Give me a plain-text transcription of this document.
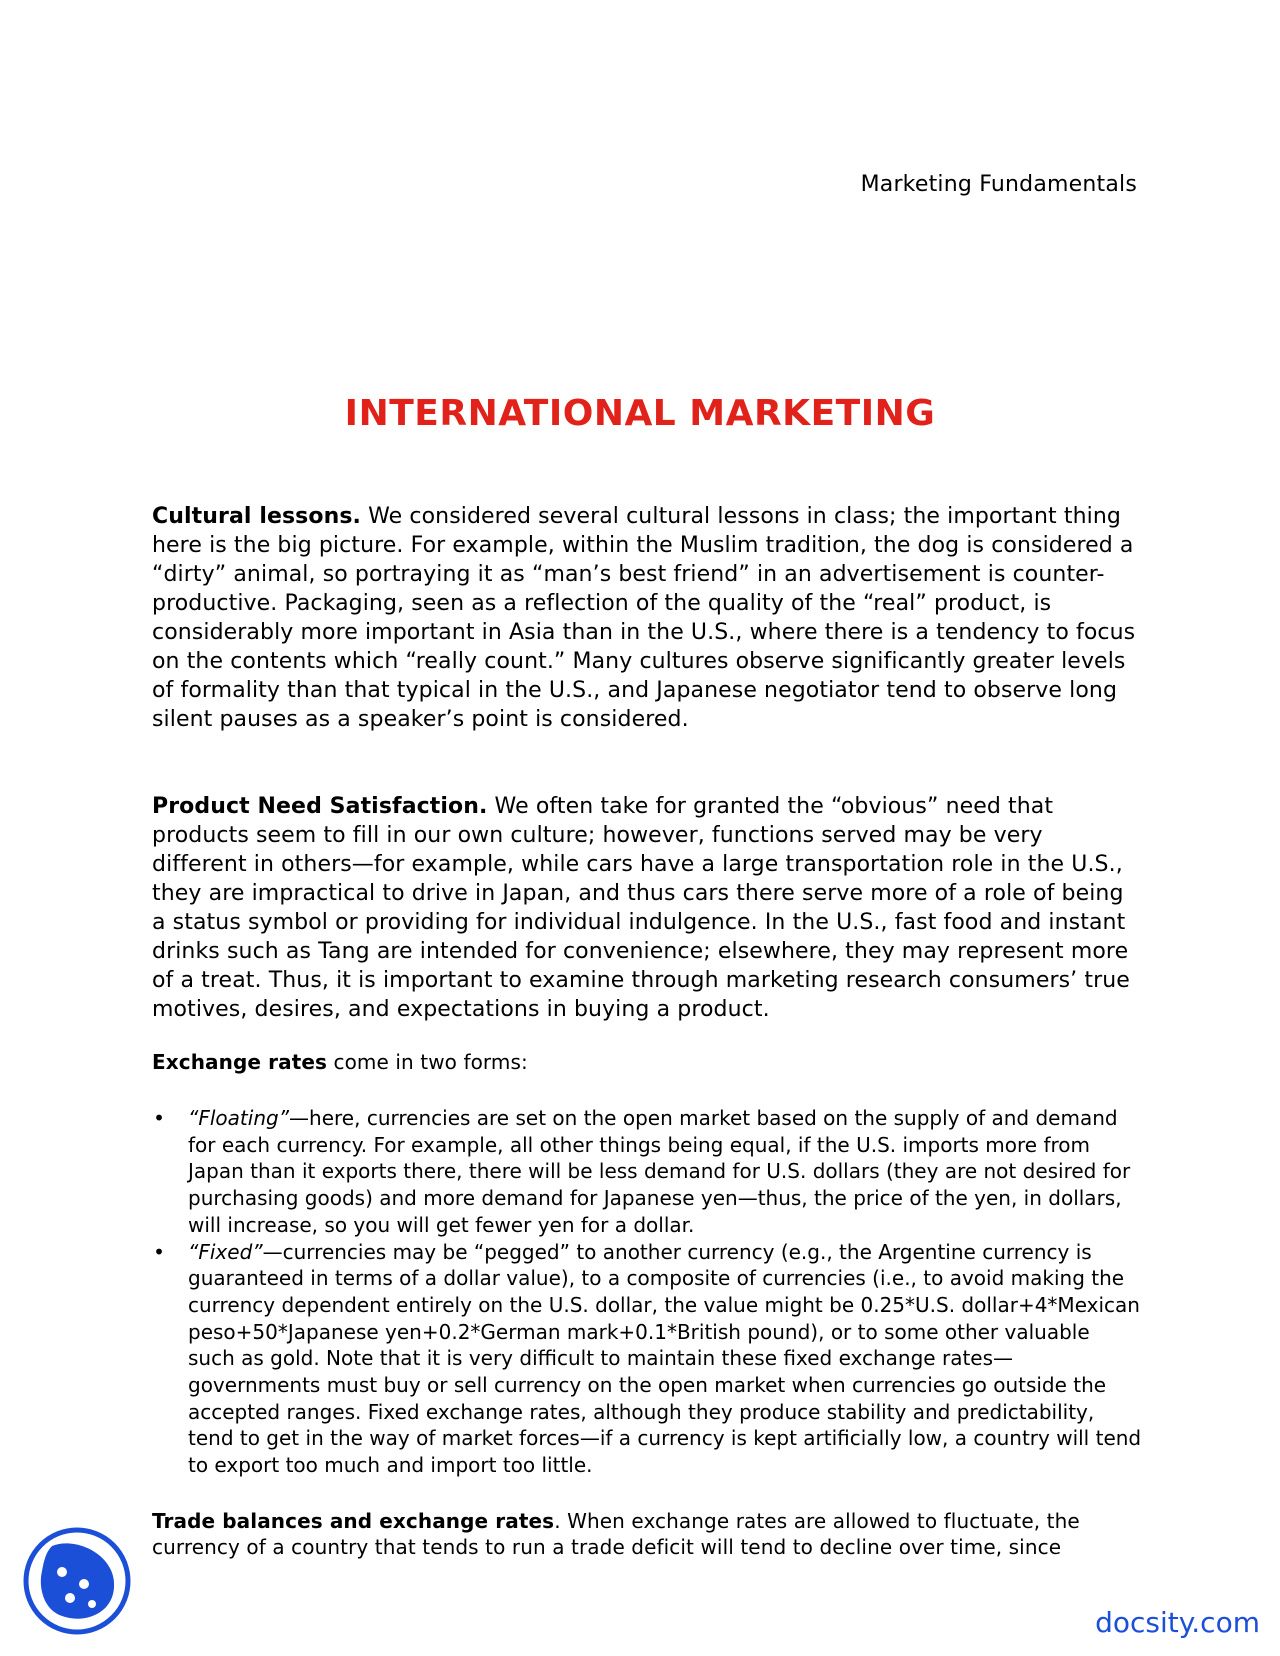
Marketing Fundamentals
INTERNATIONAL MARKETING

Cultural lessons. We considered several cultural lessons in class; the important thing here is the big picture. For example, within the Muslim tradition, the dog is considered a “dirty” animal, so portraying it as “man’s best friend” in an advertisement is counter-productive. Packaging, seen as a reflection of the quality of the “real” product, is considerably more important in Asia than in the U.S., where there is a tendency to focus on the contents which “really count.” Many cultures observe significantly greater levels of formality than that typical in the U.S., and Japanese negotiator tend to observe long silent pauses as a speaker’s point is considered.

Product Need Satisfaction. We often take for granted the “obvious” need that products seem to fill in our own culture; however, functions served may be very different in others—for example, while cars have a large transportation role in the U.S., they are impractical to drive in Japan, and thus cars there serve more of a role of being a status symbol or providing for individual indulgence. In the U.S., fast food and instant drinks such as Tang are intended for convenience; elsewhere, they may represent more of a treat. Thus, it is important to examine through marketing research consumers’ true motives, desires, and expectations in buying a product.

Exchange rates come in two forms:

• “Floating”—here, currencies are set on the open market based on the supply of and demand for each currency. For example, all other things being equal, if the U.S. imports more from Japan than it exports there, there will be less demand for U.S. dollars (they are not desired for purchasing goods) and more demand for Japanese yen—thus, the price of the yen, in dollars, will increase, so you will get fewer yen for a dollar.
• “Fixed”—currencies may be “pegged” to another currency (e.g., the Argentine currency is guaranteed in terms of a dollar value), to a composite of currencies (i.e., to avoid making the currency dependent entirely on the U.S. dollar, the value might be 0.25*U.S. dollar+4*Mexican peso+50*Japanese yen+0.2*German mark+0.1*British pound), or to some other valuable such as gold. Note that it is very difficult to maintain these fixed exchange rates—governments must buy or sell currency on the open market when currencies go outside the accepted ranges. Fixed exchange rates, although they produce stability and predictability, tend to get in the way of market forces—if a currency is kept artificially low, a country will tend to export too much and import too little.

Trade balances and exchange rates. When exchange rates are allowed to fluctuate, the currency of a country that tends to run a trade deficit will tend to decline over time, since

docsity.com
